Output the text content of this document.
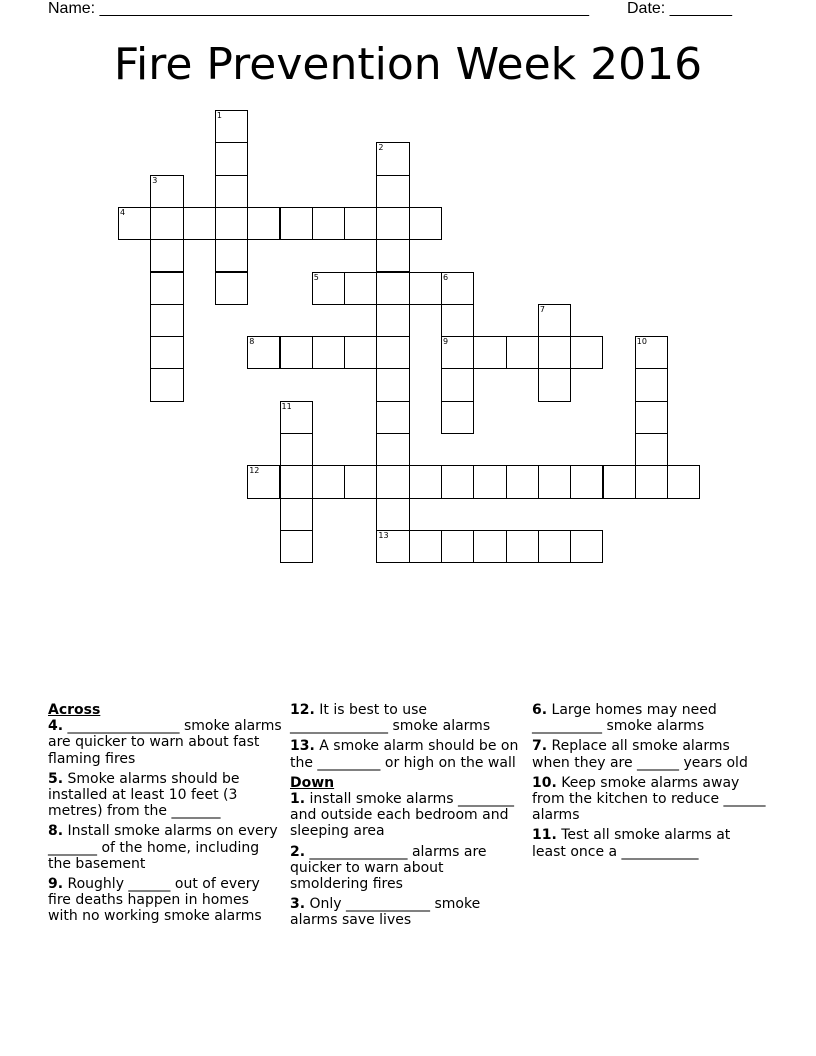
Name: _______________________________________________________ Date: _______
Fire Prevention Week 2016
1
2
13
3
4
5	6
9
7
8	10
11
12
Across
4. ________________ smoke alarms are quicker to warn about fast flaming fires
5. Smoke alarms should be installed at least 10 feet (3 metres) from the _______
8. Install smoke alarms on every _______ of the home, including the basement
9. Roughly ______ out of every fire deaths happen in homes with no working smoke alarms
12. It is best to use ______________ smoke alarms
13. A smoke alarm should be on the _________ or high on the wall
Down
1. install smoke alarms ________ and outside each bedroom and sleeping area
2. ______________ alarms are quicker to warn about smoldering fires
3. Only ____________ smoke alarms save lives
6. Large homes may need __________ smoke alarms
7. Replace all smoke alarms when they are ______ years old
10. Keep smoke alarms away from the kitchen to reduce ______ alarms
11. Test all smoke alarms at least once a ___________
